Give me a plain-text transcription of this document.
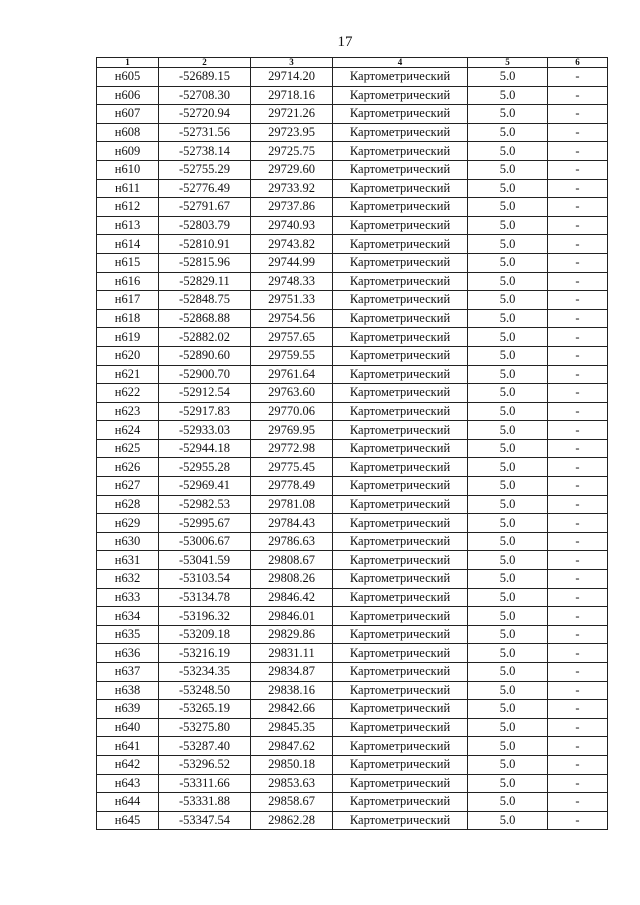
17
1	2	3	4	5	6
н605	-52689.15	29714.20	Картометрический	5.0	-
н606	-52708.30	29718.16	Картометрический	5.0	-
н607	-52720.94	29721.26	Картометрический	5.0	-
н608	-52731.56	29723.95	Картометрический	5.0	-
н609	-52738.14	29725.75	Картометрический	5.0	-
н610	-52755.29	29729.60	Картометрический	5.0	-
н611	-52776.49	29733.92	Картометрический	5.0	-
н612	-52791.67	29737.86	Картометрический	5.0	-
н613	-52803.79	29740.93	Картометрический	5.0	-
н614	-52810.91	29743.82	Картометрический	5.0	-
н615	-52815.96	29744.99	Картометрический	5.0	-
н616	-52829.11	29748.33	Картометрический	5.0	-
н617	-52848.75	29751.33	Картометрический	5.0	-
н618	-52868.88	29754.56	Картометрический	5.0	-
н619	-52882.02	29757.65	Картометрический	5.0	-
н620	-52890.60	29759.55	Картометрический	5.0	-
н621	-52900.70	29761.64	Картометрический	5.0	-
н622	-52912.54	29763.60	Картометрический	5.0	-
н623	-52917.83	29770.06	Картометрический	5.0	-
н624	-52933.03	29769.95	Картометрический	5.0	-
н625	-52944.18	29772.98	Картометрический	5.0	-
н626	-52955.28	29775.45	Картометрический	5.0	-
н627	-52969.41	29778.49	Картометрический	5.0	-
н628	-52982.53	29781.08	Картометрический	5.0	-
н629	-52995.67	29784.43	Картометрический	5.0	-
н630	-53006.67	29786.63	Картометрический	5.0	-
н631	-53041.59	29808.67	Картометрический	5.0	-
н632	-53103.54	29808.26	Картометрический	5.0	-
н633	-53134.78	29846.42	Картометрический	5.0	-
н634	-53196.32	29846.01	Картометрический	5.0	-
н635	-53209.18	29829.86	Картометрический	5.0	-
н636	-53216.19	29831.11	Картометрический	5.0	-
н637	-53234.35	29834.87	Картометрический	5.0	-
н638	-53248.50	29838.16	Картометрический	5.0	-
н639	-53265.19	29842.66	Картометрический	5.0	-
н640	-53275.80	29845.35	Картометрический	5.0	-
н641	-53287.40	29847.62	Картометрический	5.0	-
н642	-53296.52	29850.18	Картометрический	5.0	-
н643	-53311.66	29853.63	Картометрический	5.0	-
н644	-53331.88	29858.67	Картометрический	5.0	-
н645	-53347.54	29862.28	Картометрический	5.0	-
